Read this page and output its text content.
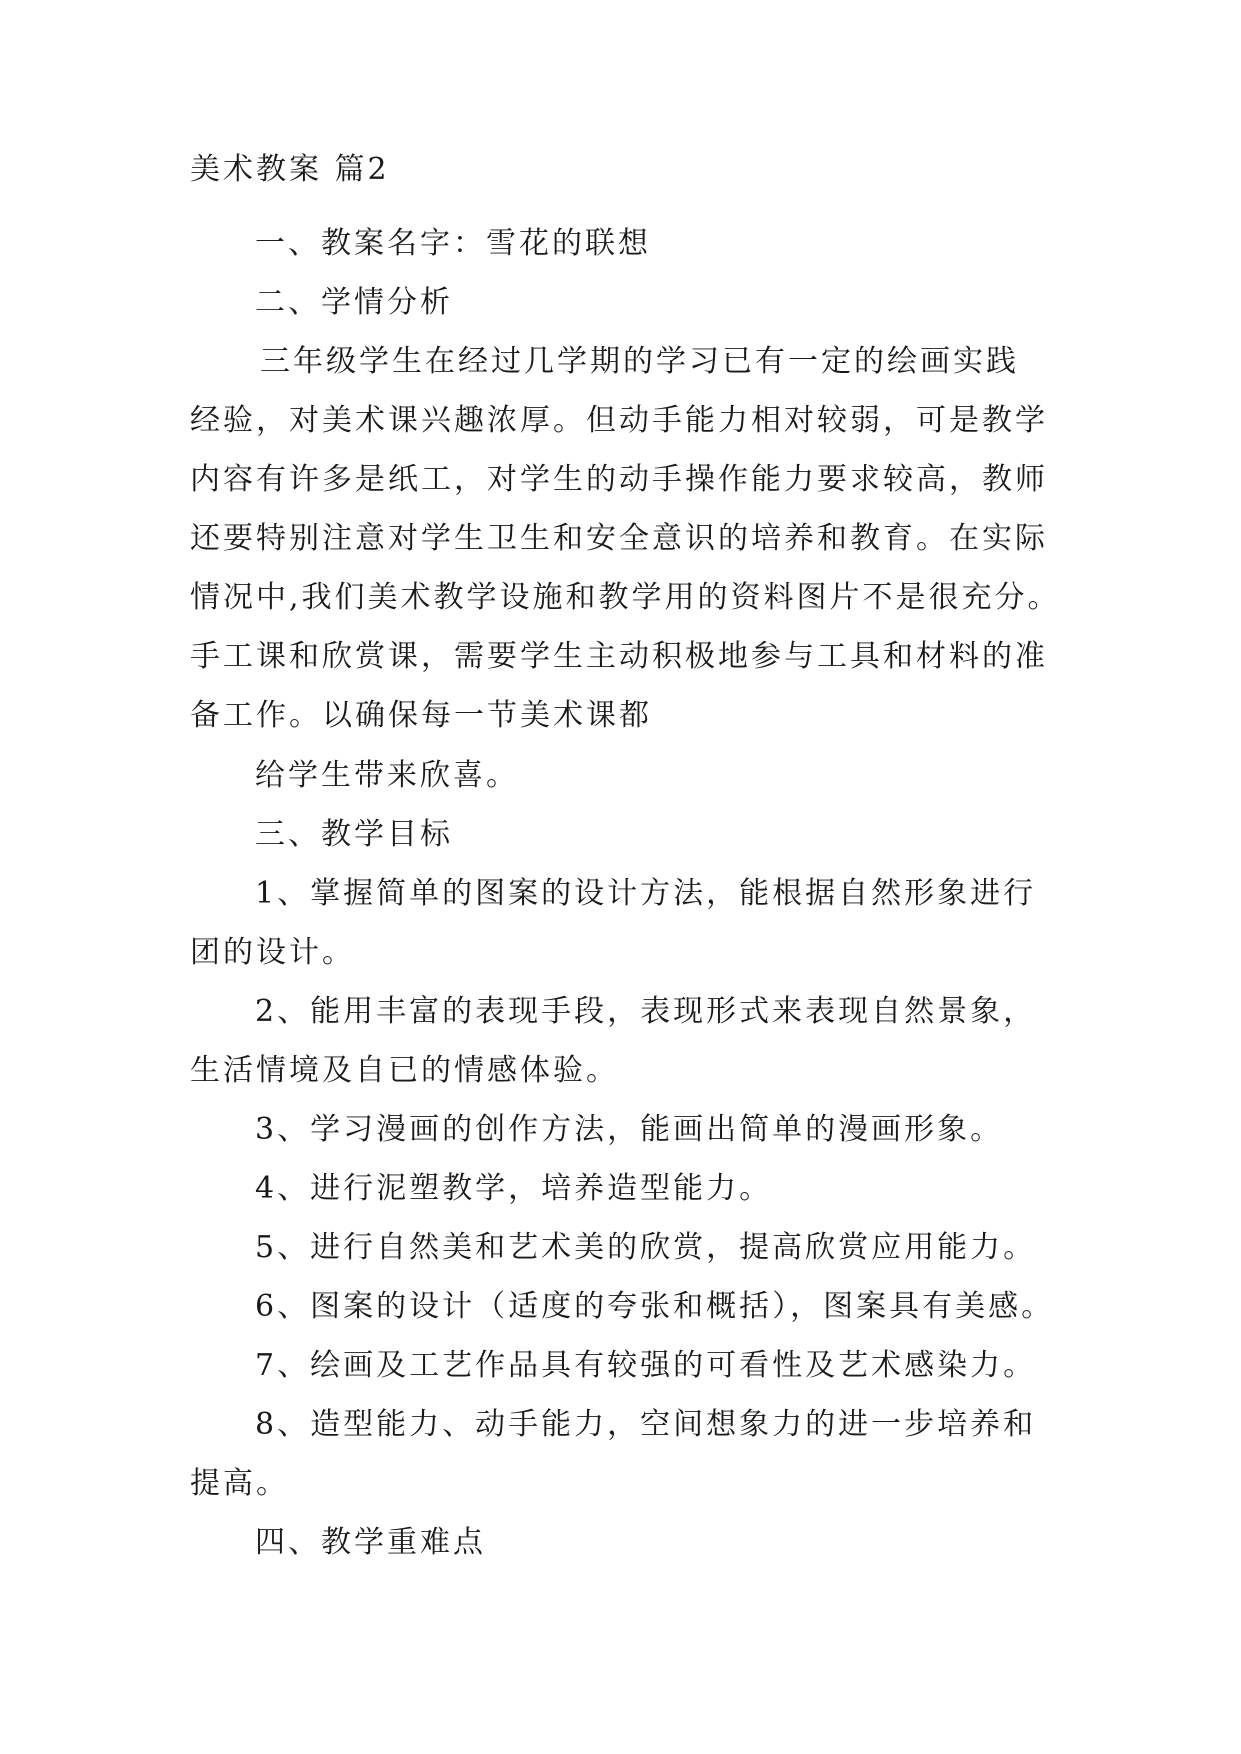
美术教案 篇2
一、教案名字：雪花的联想
二、学情分析
三年级学生在经过几学期的学习已有一定的绘画实践
经验，对美术课兴趣浓厚。但动手能力相对较弱，可是教学
内容有许多是纸工，对学生的动手操作能力要求较高，教师
还要特别注意对学生卫生和安全意识的培养和教育。在实际
情况中,我们美术教学设施和教学用的资料图片不是很充分。
手工课和欣赏课，需要学生主动积极地参与工具和材料的准
备工作。以确保每一节美术课都
给学生带来欣喜。
三、教学目标
1、掌握简单的图案的设计方法，能根据自然形象进行
团的设计。
2、能用丰富的表现手段，表现形式来表现自然景象，
生活情境及自已的情感体验。
3、学习漫画的创作方法，能画出简单的漫画形象。
4、进行泥塑教学，培养造型能力。
5、进行自然美和艺术美的欣赏，提高欣赏应用能力。
6、图案的设计（适度的夸张和概括），图案具有美感。
7、绘画及工艺作品具有较强的可看性及艺术感染力。
8、造型能力、动手能力，空间想象力的进一步培养和
提高。
四、教学重难点
